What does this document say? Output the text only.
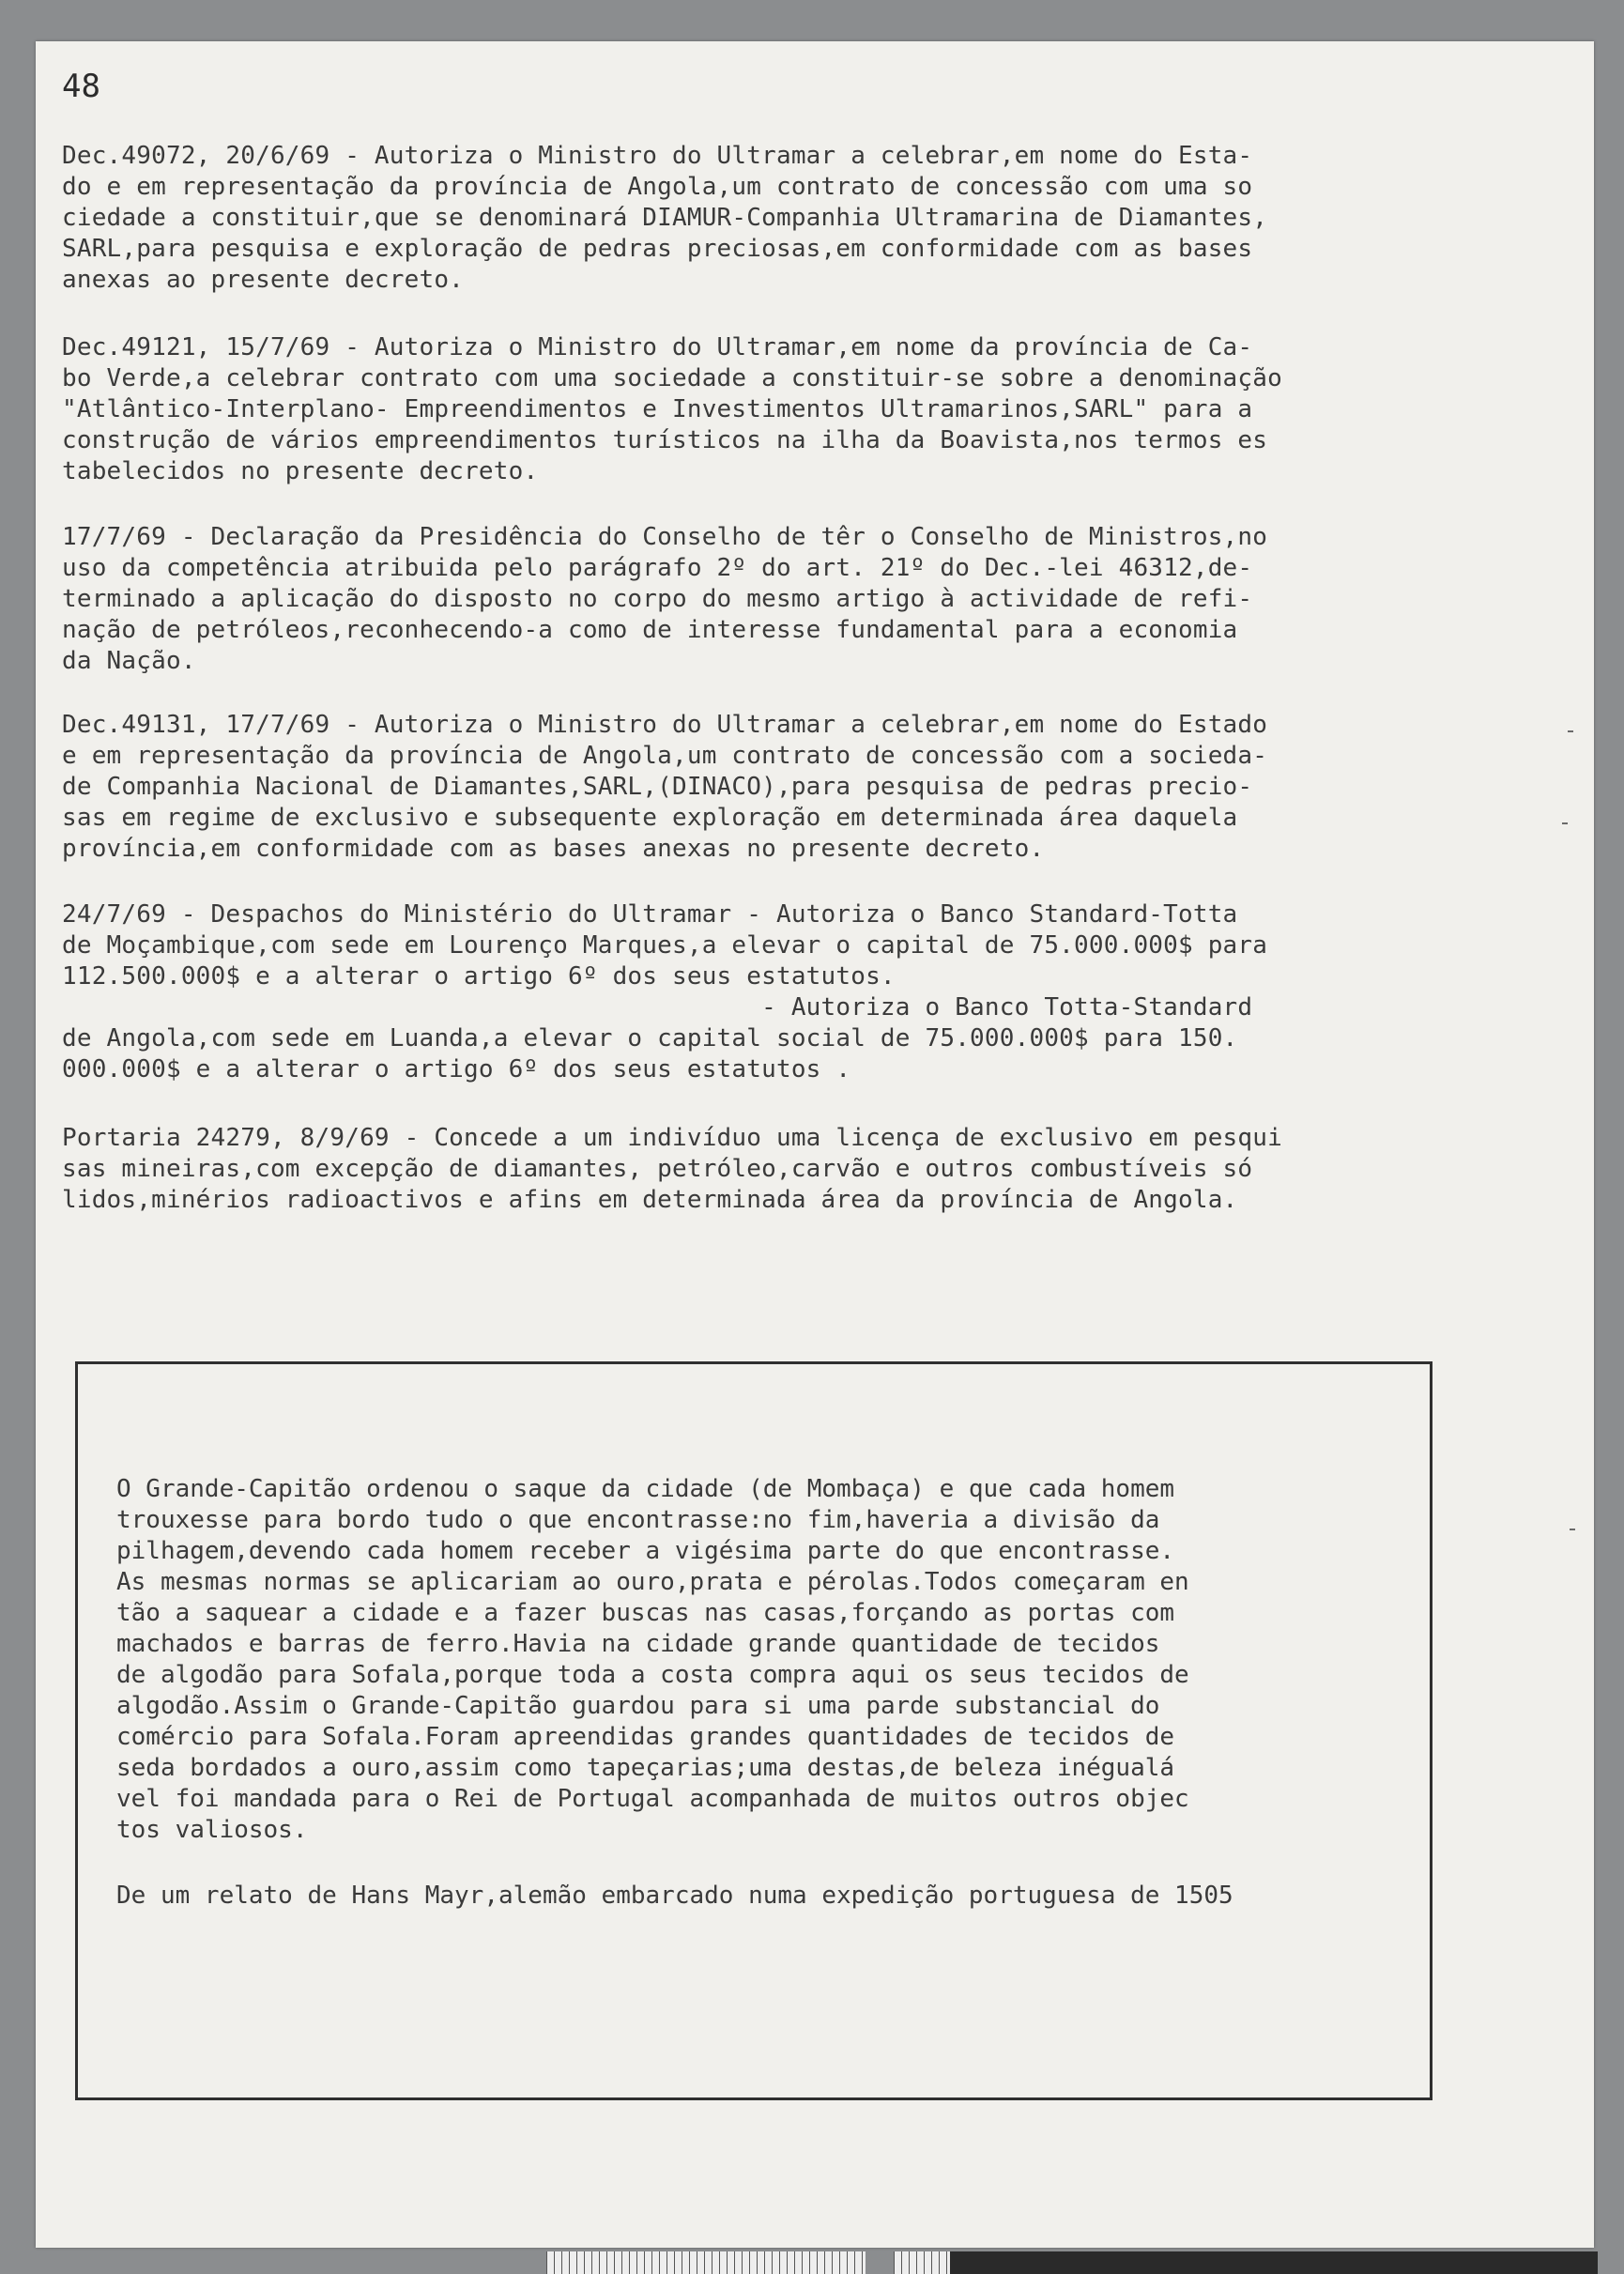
48
Dec.49072, 20/6/69 - Autoriza o Ministro do Ultramar a celebrar,em nome do Esta-
do e em representação da província de Angola,um contrato de concessão com uma so
ciedade a constituir,que se denominará DIAMUR-Companhia Ultramarina de Diamantes,
SARL,para pesquisa e exploração de pedras preciosas,em conformidade com as bases
anexas ao presente decreto.
Dec.49121, 15/7/69 - Autoriza o Ministro do Ultramar,em nome da província de Ca-
bo Verde,a celebrar contrato com uma sociedade a constituir-se sobre a denominação
"Atlântico-Interplano- Empreendimentos e Investimentos Ultramarinos,SARL" para a
construção de vários empreendimentos turísticos na ilha da Boavista,nos termos es
tabelecidos no presente decreto.
17/7/69 - Declaração da Presidência do Conselho de têr o Conselho de Ministros,no
uso da competência atribuida pelo parágrafo 2º do art. 21º do Dec.-lei 46312,de-
terminado a aplicação do disposto no corpo do mesmo artigo à actividade de refi-
nação de petróleos,reconhecendo-a como de interesse fundamental para a economia
da Nação.
Dec.49131, 17/7/69 - Autoriza o Ministro do Ultramar a celebrar,em nome do Estado
e em representação da província de Angola,um contrato de concessão com a socieda-
de Companhia Nacional de Diamantes,SARL,(DINACO),para pesquisa de pedras precio-
sas em regime de exclusivo e subsequente exploração em determinada área daquela
província,em conformidade com as bases anexas no presente decreto.
24/7/69 - Despachos do Ministério do Ultramar - Autoriza o Banco Standard-Totta
de Moçambique,com sede em Lourenço Marques,a elevar o capital de 75.000.000$ para
112.500.000$ e a alterar o artigo 6º dos seus estatutos.
- Autoriza o Banco Totta-Standard
de Angola,com sede em Luanda,a elevar o capital social de 75.000.000$ para 150.
000.000$ e a alterar o artigo 6º dos seus estatutos .
Portaria 24279, 8/9/69 - Concede a um indivíduo uma licença de exclusivo em pesqui
sas mineiras,com excepção de diamantes, petróleo,carvão e outros combustíveis só
lidos,minérios radioactivos e afins em determinada área da província de Angola.
O Grande-Capitão ordenou o saque da cidade (de Mombaça) e que cada homem
trouxesse para bordo tudo o que encontrasse:no fim,haveria a divisão da
pilhagem,devendo cada homem receber a vigésima parte do que encontrasse.
As mesmas normas se aplicariam ao ouro,prata e pérolas.Todos começaram en
tão a saquear a cidade e a fazer buscas nas casas,forçando as portas com
machados e barras de ferro.Havia na cidade grande quantidade de tecidos
de algodão para Sofala,porque toda a costa compra aqui os seus tecidos de
algodão.Assim o Grande-Capitão guardou para si uma parde substancial do
comércio para Sofala.Foram apreendidas grandes quantidades de tecidos de
seda bordados a ouro,assim como tapeçarias;uma destas,de beleza inégualá
vel foi mandada para o Rei de Portugal acompanhada de muitos outros objec
tos valiosos.
De um relato de Hans Mayr,alemão embarcado numa expedição portuguesa de 1505
